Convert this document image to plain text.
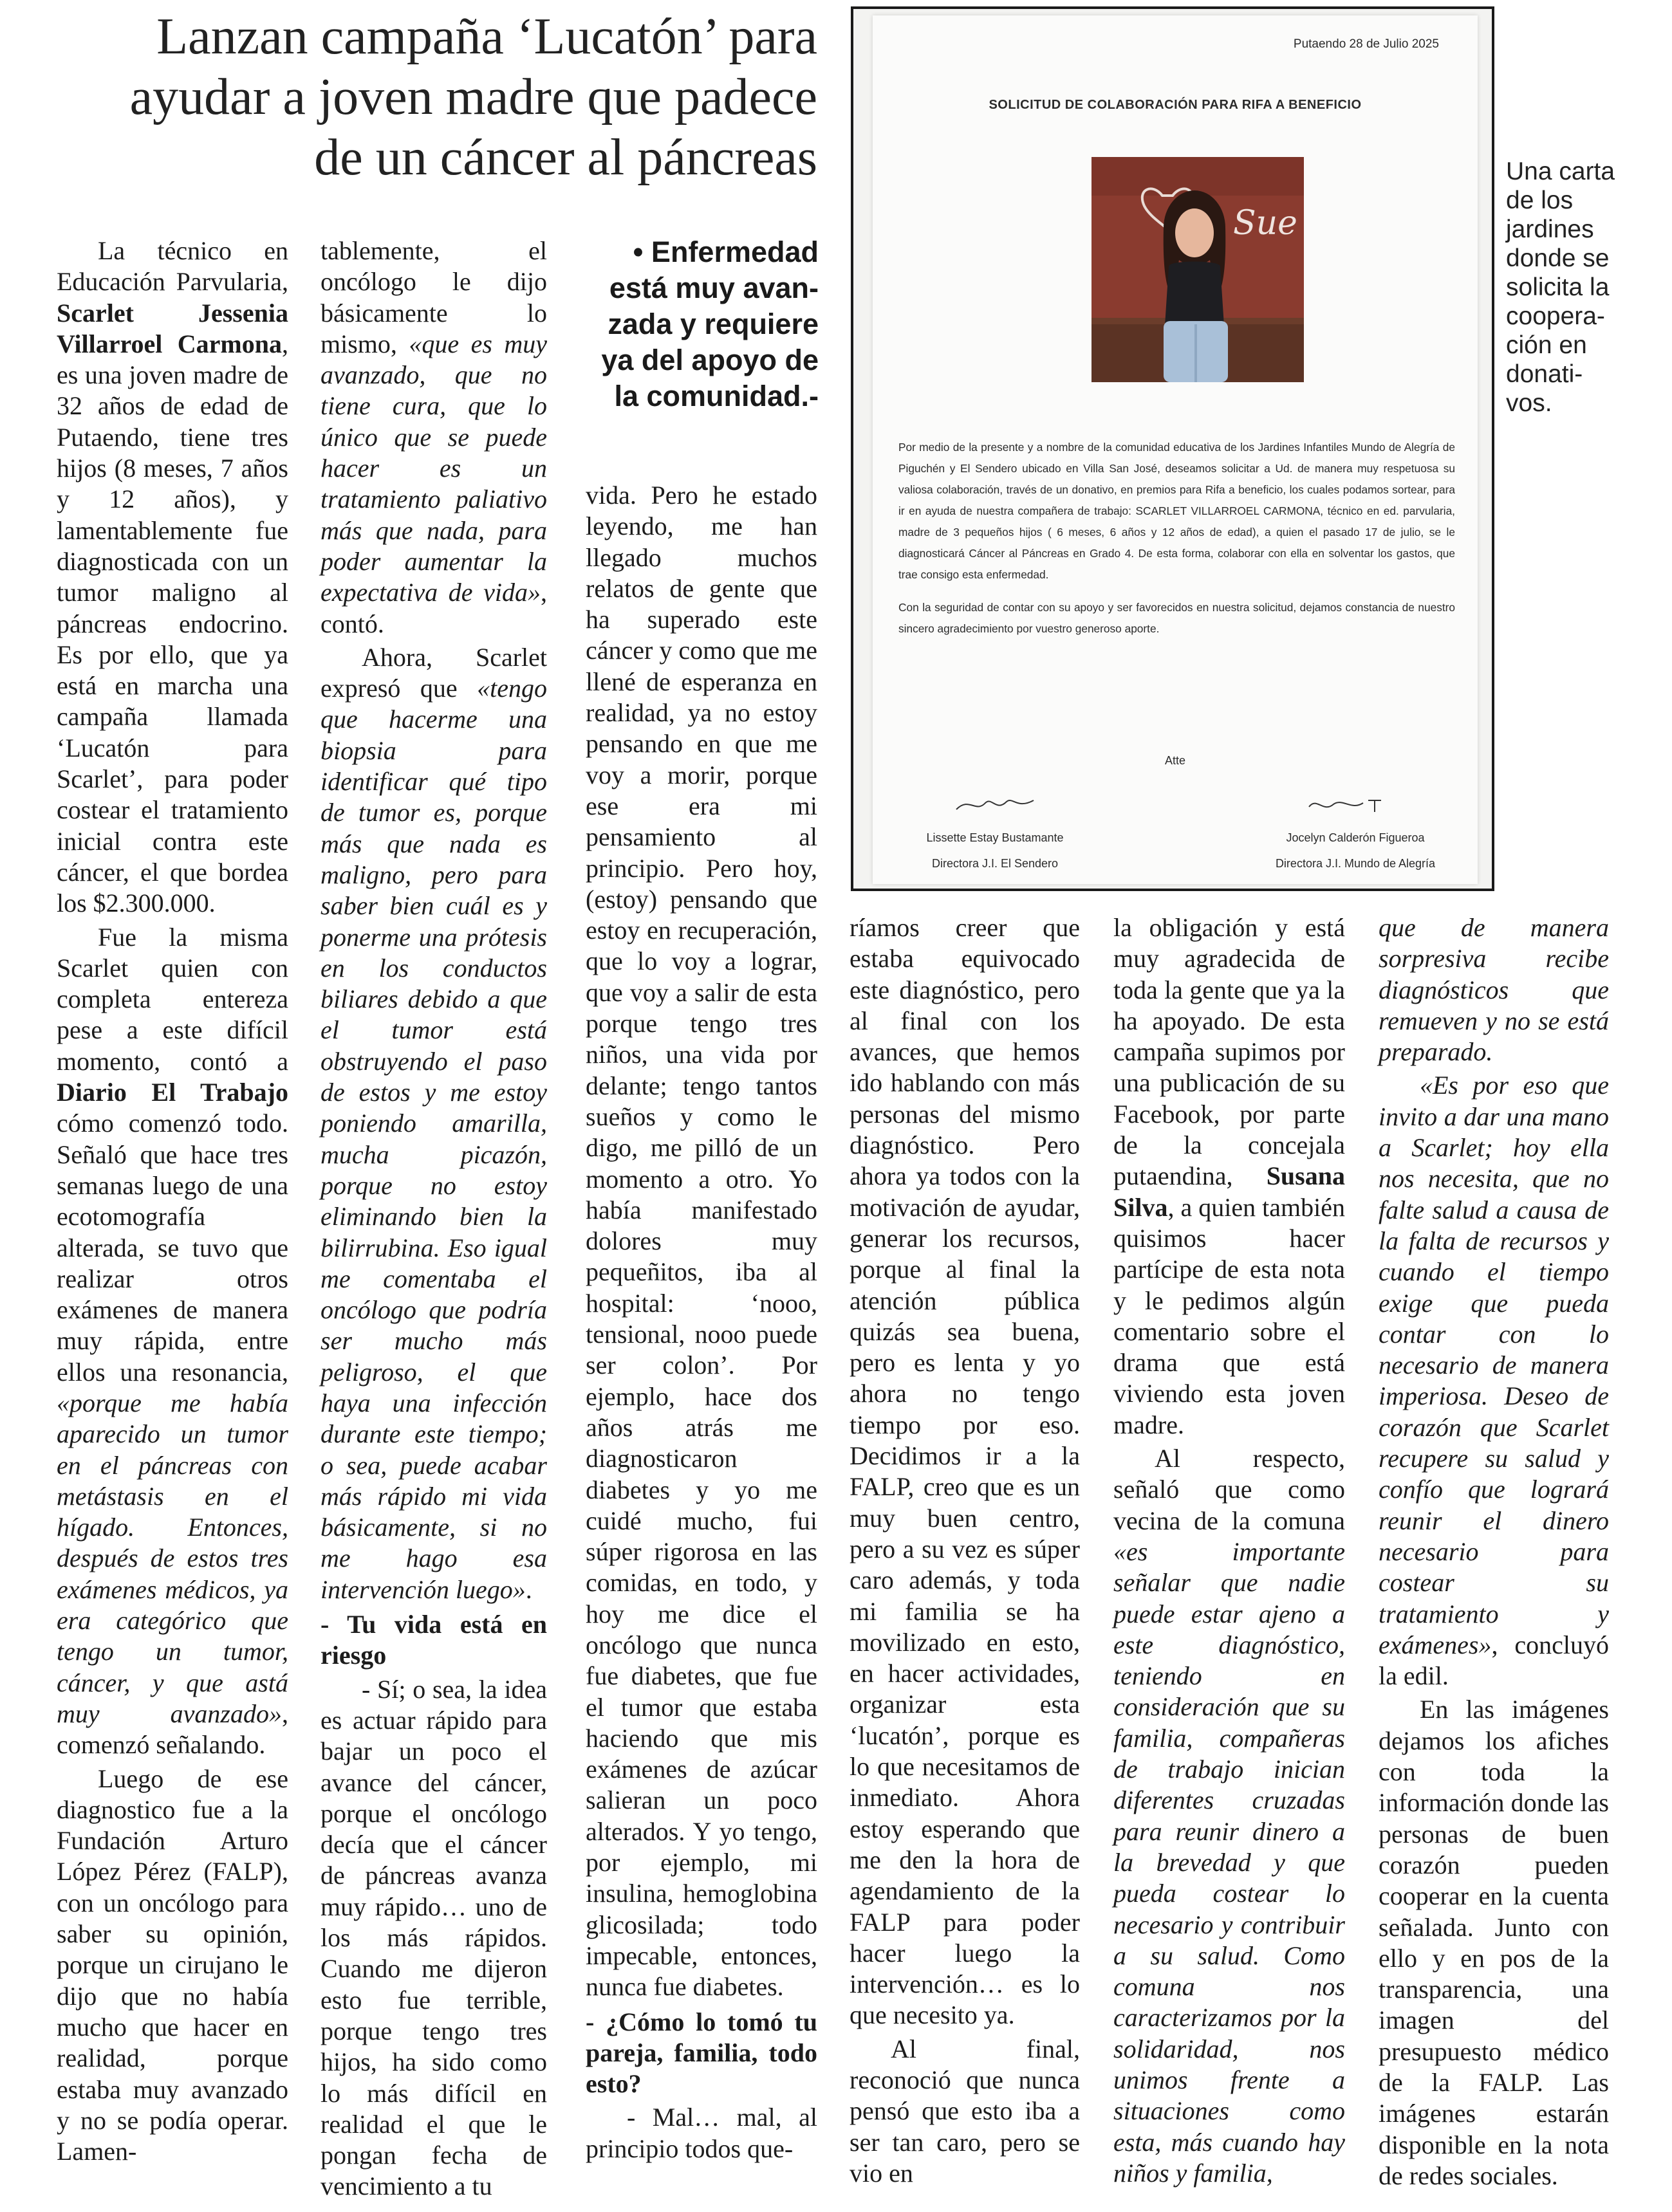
Lanzan campaña ‘Lucatón’ para
ayudar a joven madre que padece
de un cáncer al páncreas
Putaendo 28 de Julio 2025
SOLICITUD DE COLABORACIÓN PARA RIFA A BENEFICIO
Sue

Por medio de la presente y a nombre de la comunidad educativa de los Jardines Infantiles Mundo de Alegría de Piguchén y El Sendero ubicado en Villa San José, deseamos solicitar a Ud. de manera muy respetuosa su valiosa colaboración, través de un donativo, en premios para Rifa a beneficio, los cuales podamos sortear, para ir en ayuda de nuestra compañera de trabajo: SCARLET VILLARROEL CARMONA, técnico en ed. parvularia, madre de 3 pequeños hijos ( 6 meses, 6 años y 12 años de edad), a quien el pasado 17 de julio, se le diagnosticará Cáncer al Páncreas en Grado 4. De esta forma, colaborar con ella en solventar los gastos, que trae consigo esta enfermedad.

Con la seguridad de contar con su apoyo y ser favorecidos en nuestra solicitud, dejamos constancia de nuestro sincero agradecimiento por vuestro generoso aporte.

Atte
Lissette Estay Bustamante
Directora J.I. El Sendero
Jocelyn Calderón Figueroa
Directora J.I. Mundo de Alegría
Una carta de los jardines donde se solicita la coopera-ción en donati-vos.
• Enfermedad
está muy avan-
zada y requiere
ya del apoyo de
la comunidad.-

La técnico en Educación Parvularia, Scarlet Jessenia Villarroel Carmona, es una joven madre de 32 años de edad de Putaendo, tiene tres hijos (8 meses, 7 años y 12 años), y lamentablemente fue diagnosticada con un tumor maligno al páncreas endocrino. Es por ello, que ya está en marcha una campaña llamada ‘Lucatón para Scarlet’, para poder costear el tratamiento inicial contra este cáncer, el que bordea los $2.300.000.

Fue la misma Scarlet quien con completa entereza pese a este difícil momento, contó a Diario El Trabajo cómo comenzó todo. Señaló que hace tres semanas luego de una ecotomografía alterada, se tuvo que realizar otros exámenes de manera muy rápida, entre ellos una resonancia, «porque me había aparecido un tumor en el páncreas con metástasis en el hígado. Entonces, después de estos tres exámenes médicos, ya era categórico que tengo un tumor, cáncer, y que astá muy avanzado», comenzó señalando.

Luego de ese diagnostico fue a la Fundación Arturo López Pérez (FALP), con un oncólogo para saber su opinión, porque un cirujano le dijo que no había mucho que hacer en realidad, porque estaba muy avanzado y no se podía operar. Lamen-

tablemente, el oncólogo le dijo básicamente lo mismo, «que es muy avanzado, que no tiene cura, que lo único que se puede hacer es un tratamiento paliativo más que nada, para poder aumentar la expectativa de vida», contó.

Ahora, Scarlet expresó que «tengo que hacerme una biopsia para identificar qué tipo de tumor es, porque más que nada es maligno, pero para saber bien cuál es y ponerme una prótesis en los conductos biliares debido a que el tumor está obstruyendo el paso de estos y me estoy poniendo amarilla, mucha picazón, porque no estoy eliminando bien la bilirrubina. Eso igual me comentaba el oncólogo que podría ser mucho más peligroso, el que haya una infección durante este tiempo; o sea, puede acabar más rápido mi vida básicamente, si no me hago esa intervención luego».

- Tu vida está en riesgo

- Sí; o sea, la idea es actuar rápido para bajar un poco el avance del cáncer, porque el oncólogo decía que el cáncer de páncreas avanza muy rápido… uno de los más rápidos. Cuando me dijeron esto fue terrible, porque tengo tres hijos, ha sido como lo más difícil en realidad el que le pongan fecha de vencimiento a tu

vida. Pero he estado leyendo, me han llegado muchos relatos de gente que ha superado este cáncer y como que me llené de esperanza en realidad, ya no estoy pensando en que me voy a morir, porque ese era mi pensamiento al principio. Pero hoy, (estoy) pensando que estoy en recuperación, que lo voy a lograr, que voy a salir de esta porque tengo tres niños, una vida por delante; tengo tantos sueños y como le digo, me pilló de un momento a otro. Yo había manifestado dolores muy pequeñitos, iba al hospital: ‘nooo, tensional, nooo puede ser colon’. Por ejemplo, hace dos años atrás me diagnosticaron diabetes y yo me cuidé mucho, fui súper rigorosa en las comidas, en todo, y hoy me dice el oncólogo que nunca fue diabetes, que fue el tumor que estaba haciendo que mis exámenes de azúcar salieran un poco alterados. Y yo tengo, por ejemplo, mi insulina, hemoglobina glicosilada; todo impecable, entonces, nunca fue diabetes.

- ¿Cómo lo tomó tu pareja, familia, todo esto?

- Mal… mal, al principio todos que-

ríamos creer que estaba equivocado este diagnóstico, pero al final con los avances, que hemos ido hablando con más personas del mismo diagnóstico. Pero ahora ya todos con la motivación de ayudar, generar los recursos, porque al final la atención pública quizás sea buena, pero es lenta y yo ahora no tengo tiempo por eso. Decidimos ir a la FALP, creo que es un muy buen centro, pero a su vez es súper caro además, y toda mi familia se ha movilizado en esto, en hacer actividades, organizar esta ‘lucatón’, porque es lo que necesitamos de inmediato. Ahora estoy esperando que me den la hora de agendamiento de la FALP para poder hacer luego la intervención… es lo que necesito ya.

Al final, reconoció que nunca pensó que esto iba a ser tan caro, pero se vio en

la obligación y está muy agradecida de toda la gente que ya la ha apoyado. De esta campaña supimos por una publicación de su Facebook, por parte de la concejala putaendina, Susana Silva, a quien también quisimos hacer partícipe de esta nota y le pedimos algún comentario sobre el drama que está viviendo esta joven madre.

Al respecto, señaló que como vecina de la comuna «es importante señalar que nadie puede estar ajeno a este diagnóstico, teniendo en consideración que su familia, compañeras de trabajo inician diferentes cruzadas para reunir dinero a la brevedad y que pueda costear lo necesario y contribuir a su salud. Como comuna nos caracterizamos por la solidaridad, nos unimos frente a situaciones como esta, más cuando hay niños y familia,

que de manera sorpresiva recibe diagnósticos que remueven y no se está preparado.

«Es por eso que invito a dar una mano a Scarlet; hoy ella nos necesita, que no falte salud a causa de la falta de recursos y cuando el tiempo exige que pueda contar con lo necesario de manera imperiosa. Deseo de corazón que Scarlet recupere su salud y confío que logrará reunir el dinero necesario para costear su tratamiento y exámenes», concluyó la edil.

En las imágenes dejamos los afiches con toda la información donde las personas de buen corazón pueden cooperar en la cuenta señalada. Junto con ello y en pos de la transparencia, una imagen del presupuesto médico de la FALP. Las imágenes estarán disponible en la nota de redes sociales.
